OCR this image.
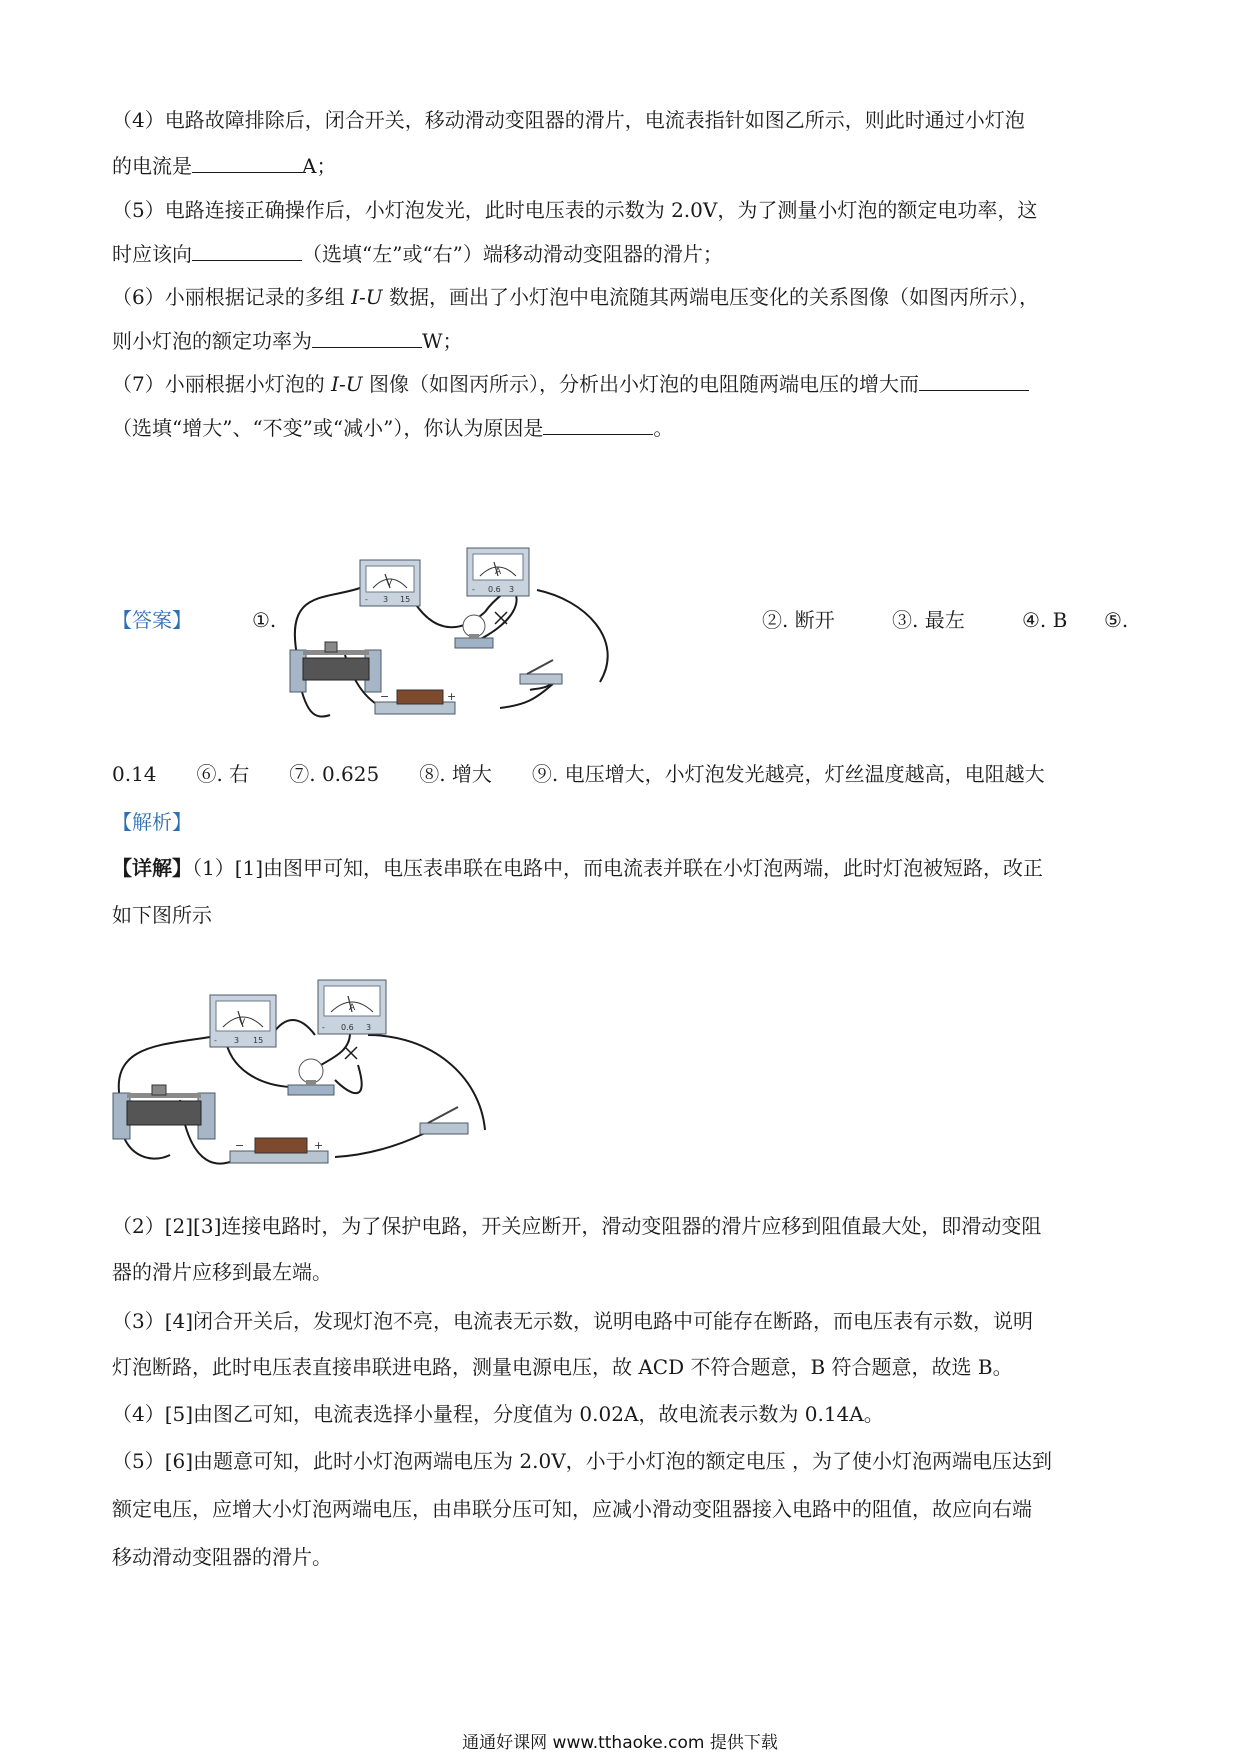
（4）电路故障排除后，闭合开关，移动滑动变阻器的滑片，电流表指针如图乙所示，则此时通过小灯泡
的电流是	A；
（5）电路连接正确操作后，小灯泡发光，此时电压表的示数为 2.0V，为了测量小灯泡的额定电功率，这
时应该向	（选填“左”或“右”）端移动滑动变阻器的滑片；
（6）小丽根据记录的多组 I-U 数据，画出了小灯泡中电流随其两端电压变化的关系图像（如图丙所示），
则小灯泡的额定功率为	W；
（7）小丽根据小灯泡的 I-U 图像（如图丙所示），分析出小灯泡的电阻随两端电压的增大而
（选填“增大”、“不变”或“减小”），你认为原因是	。
【答案】	①.	②. 断开	③. 最左	④. B ⑤.
V
- 3 15
A
- 0.6 3
−	+
0.14　　⑥. 右　　⑦. 0.625　　⑧. 增大　　⑨. 电压增大，小灯泡发光越亮，灯丝温度越高，电阻越大
【解析】
【详解】（1）[1]由图甲可知，电压表串联在电路中，而电流表并联在小灯泡两端，此时灯泡被短路，改正
如下图所示
V
- 3 15
A
- 0.6 3
−	+
（2）[2][3]连接电路时，为了保护电路，开关应断开，滑动变阻器的滑片应移到阻值最大处，即滑动变阻
器的滑片应移到最左端。
（3）[4]闭合开关后，发现灯泡不亮，电流表无示数，说明电路中可能存在断路，而电压表有示数，说明
灯泡断路，此时电压表直接串联进电路，测量电源电压，故 ACD 不符合题意，B 符合题意，故选 B。
（4）[5]由图乙可知，电流表选择小量程，分度值为 0.02A，故电流表示数为 0.14A。
（5）[6]由题意可知，此时小灯泡两端电压为 2.0V，小于小灯泡的额定电压 ，为了使小灯泡两端电压达到
额定电压，应增大小灯泡两端电压，由串联分压可知，应减小滑动变阻器接入电路中的阻值，故应向右端
移动滑动变阻器的滑片。
通通好课网 www.tthaoke.com 提供下载
